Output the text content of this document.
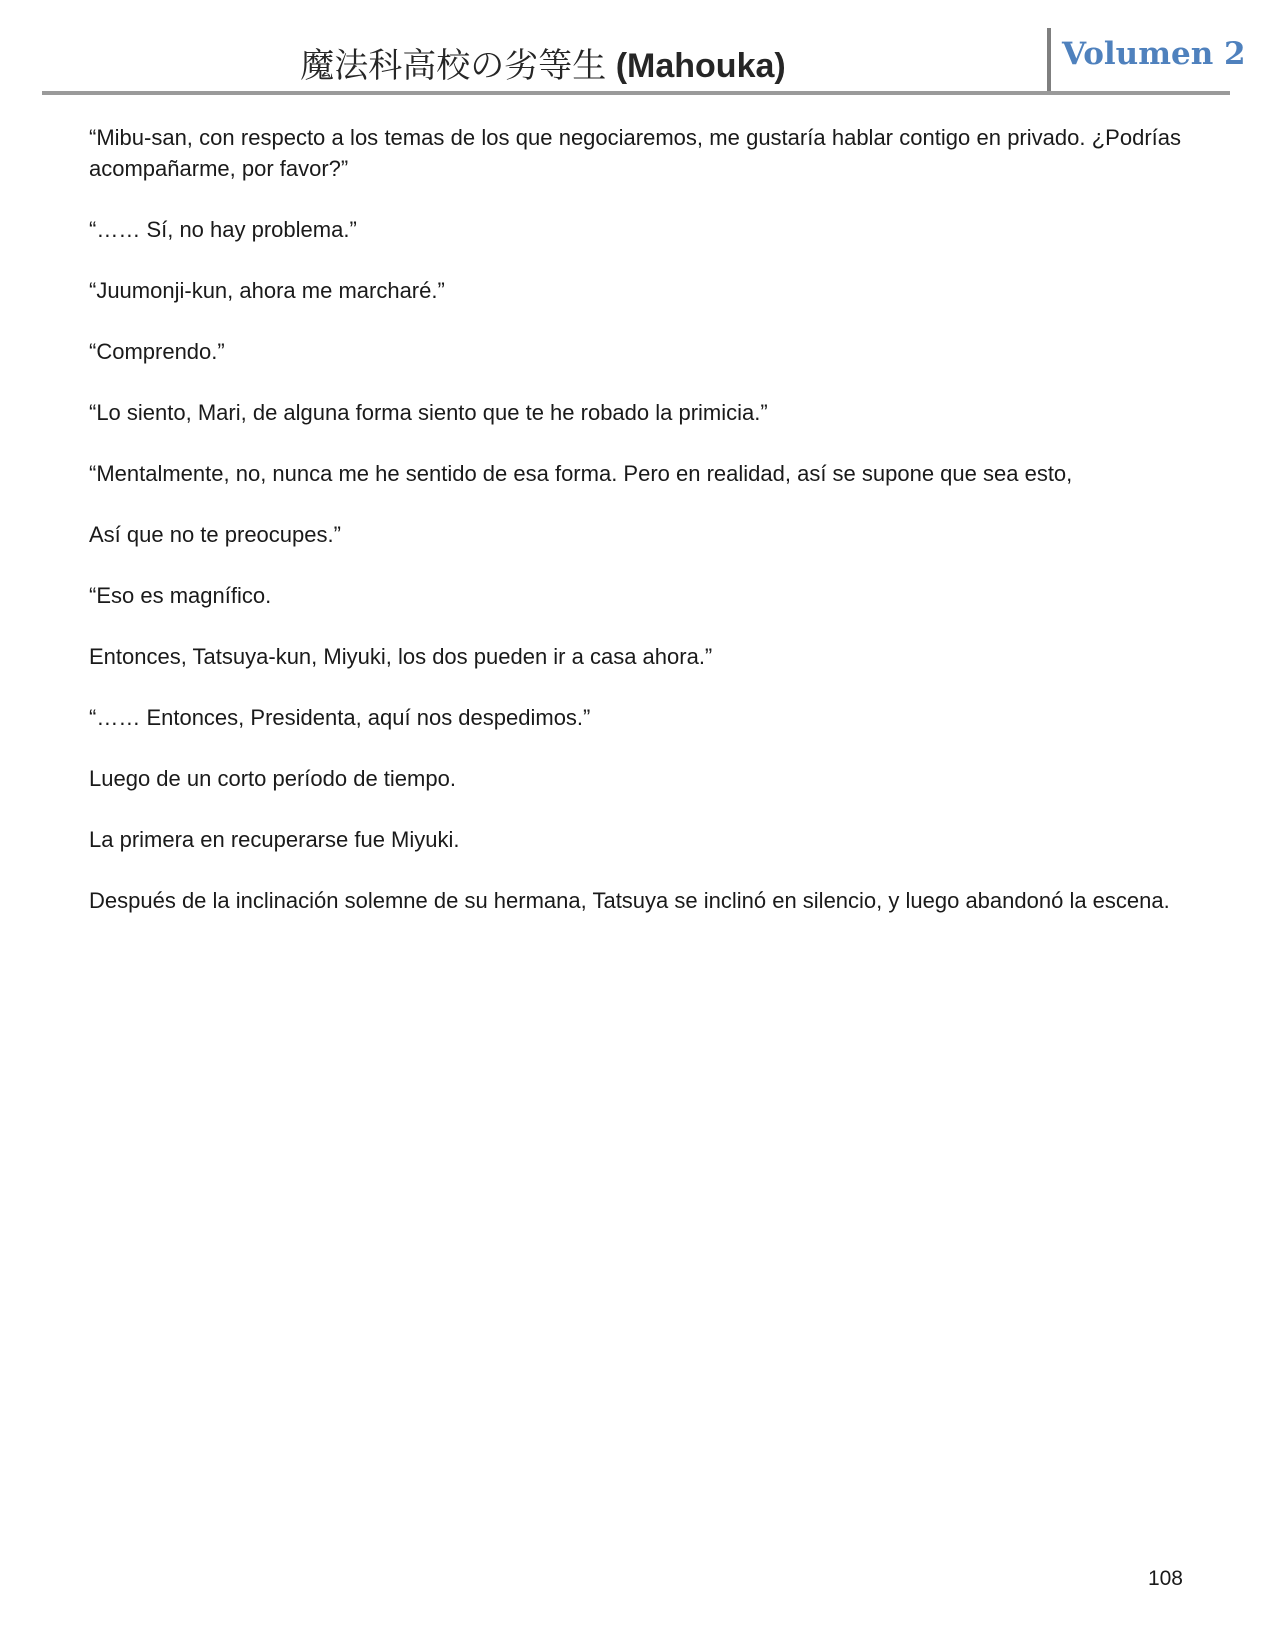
魔法科高校の劣等生 (Mahouka)	Volumen 2

“Mibu-san, con respecto a los temas de los que negociaremos, me gustaría hablar contigo en privado. ¿Podrías acompañarme, por favor?”

“…… Sí, no hay problema.”

“Juumonji-kun, ahora me marcharé.”

“Comprendo.”

“Lo siento, Mari, de alguna forma siento que te he robado la primicia.”

“Mentalmente, no, nunca me he sentido de esa forma. Pero en realidad, así se supone que sea esto,

Así que no te preocupes.”

“Eso es magnífico.

Entonces, Tatsuya-kun, Miyuki, los dos pueden ir a casa ahora.”

“…… Entonces, Presidenta, aquí nos despedimos.”

Luego de un corto período de tiempo.

La primera en recuperarse fue Miyuki.

Después de la inclinación solemne de su hermana, Tatsuya se inclinó en silencio, y luego abandonó la escena.

108
